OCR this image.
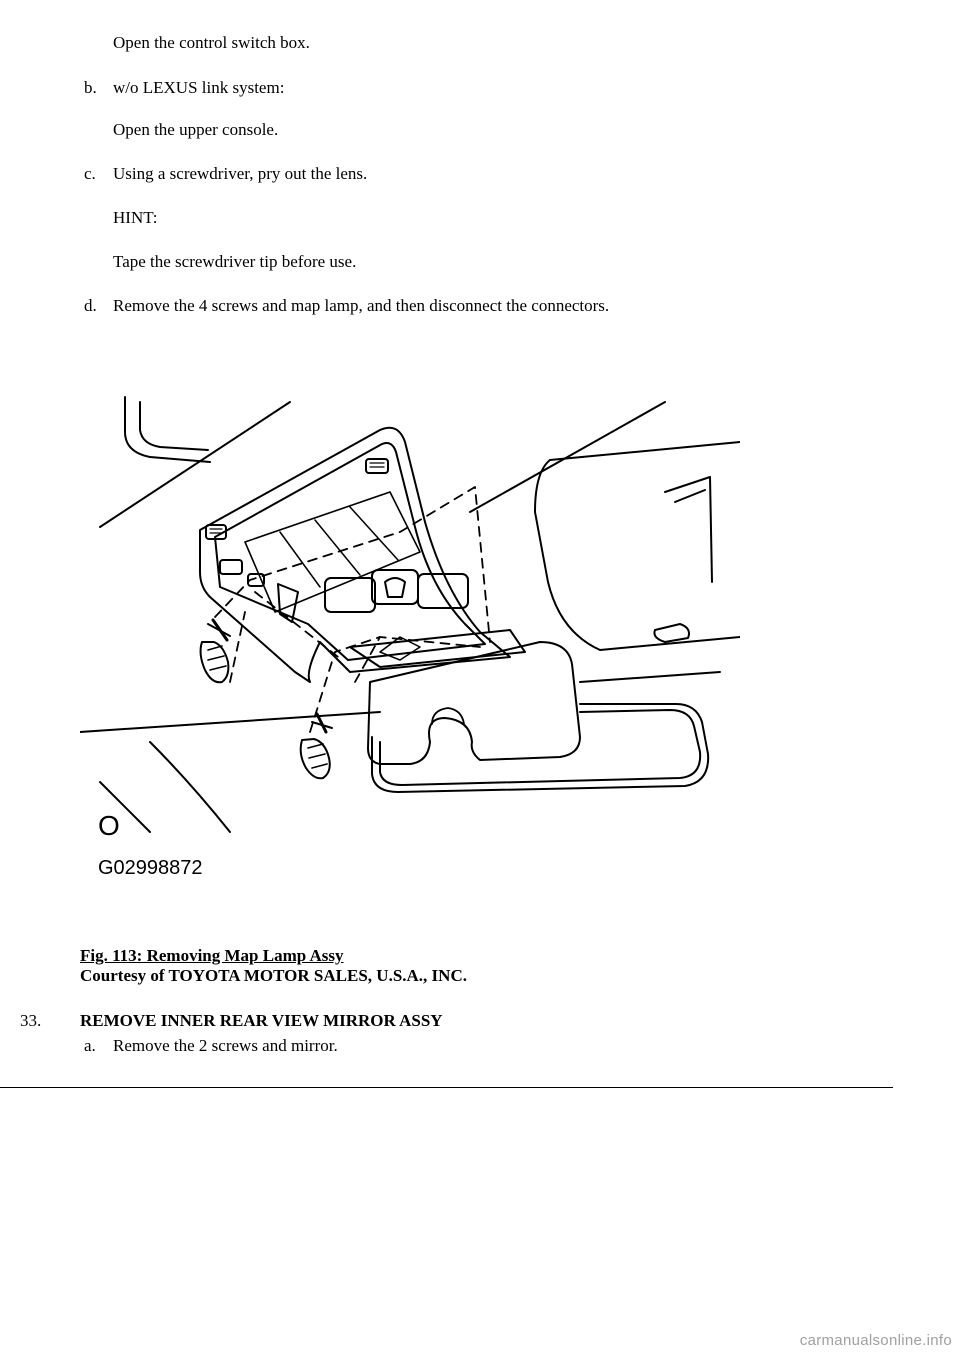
Open the control switch box.
b. w/o LEXUS link system:
Open the upper console.
c. Using a screwdriver, pry out the lens.
HINT:
Tape the screwdriver tip before use.
d. Remove the 4 screws and map lamp, and then disconnect the connectors.
O
G02998872
Fig. 113: Removing Map Lamp Assy
Courtesy of TOYOTA MOTOR SALES, U.S.A., INC.
33. REMOVE INNER REAR VIEW MIRROR ASSY
a. Remove the 2 screws and mirror.
carmanualsonline.info
